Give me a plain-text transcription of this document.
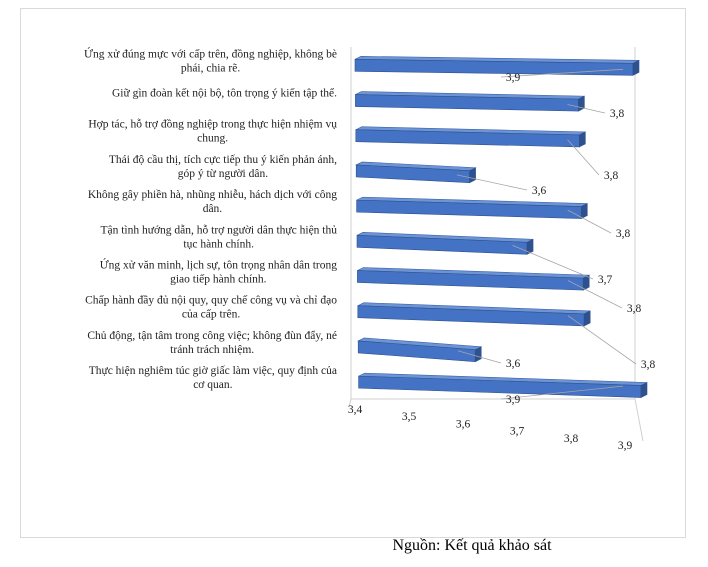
3,4
3,5
3,6
3,7
3,8
3,9
3,9
3,8
3,8
3,6
3,8
3,7
3,8
3,8
3,6
3,9
Ứng xử đúng mực với cấp trên, đồng nghiệp, không bè phái, chia rẽ.
Giữ gìn đoàn kết nội bộ, tôn trọng ý kiến tập thể.
Hợp tác, hỗ trợ đồng nghiệp trong thực hiện nhiệm vụ chung.
Thái độ cầu thị, tích cực tiếp thu ý kiến phản ánh, góp ý từ người dân.
Không gây phiền hà, nhũng nhiễu, hách dịch với công dân.
Tận tình hướng dẫn, hỗ trợ người dân thực hiện thủ tục hành chính.
Ứng xử văn minh, lịch sự, tôn trọng nhân dân trong giao tiếp hành chính.
Chấp hành đầy đủ nội quy, quy chế công vụ và chỉ đạo của cấp trên.
Chủ động, tận tâm trong công việc; không đùn đẩy, né tránh trách nhiệm.
Thực hiện nghiêm túc giờ giấc làm việc, quy định của cơ quan.
Nguồn: Kết quả khảo sát
